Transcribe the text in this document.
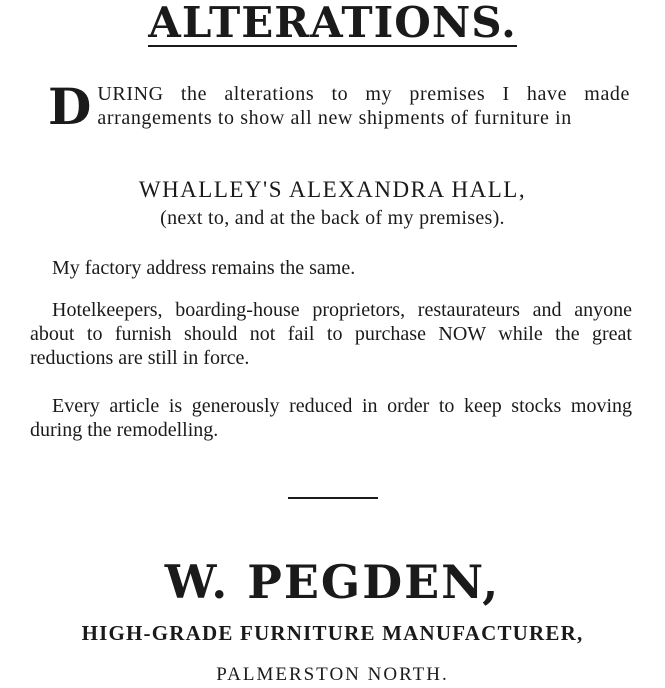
ALTERATIONS.
D URING the alterations to my premises I have made arrangements to show all new shipments of furniture in
WHALLEY'S ALEXANDRA HALL,
(next to, and at the back of my premises).
My factory address remains the same.
Hotelkeepers, boarding-house proprietors, restaurateurs and anyone about to furnish should not fail to purchase NOW while the great reductions are still in force.
Every article is generously reduced in order to keep stocks moving during the remodelling.
W. PEGDEN,
HIGH-GRADE FURNITURE MANUFACTURER,
PALMERSTON NORTH.
